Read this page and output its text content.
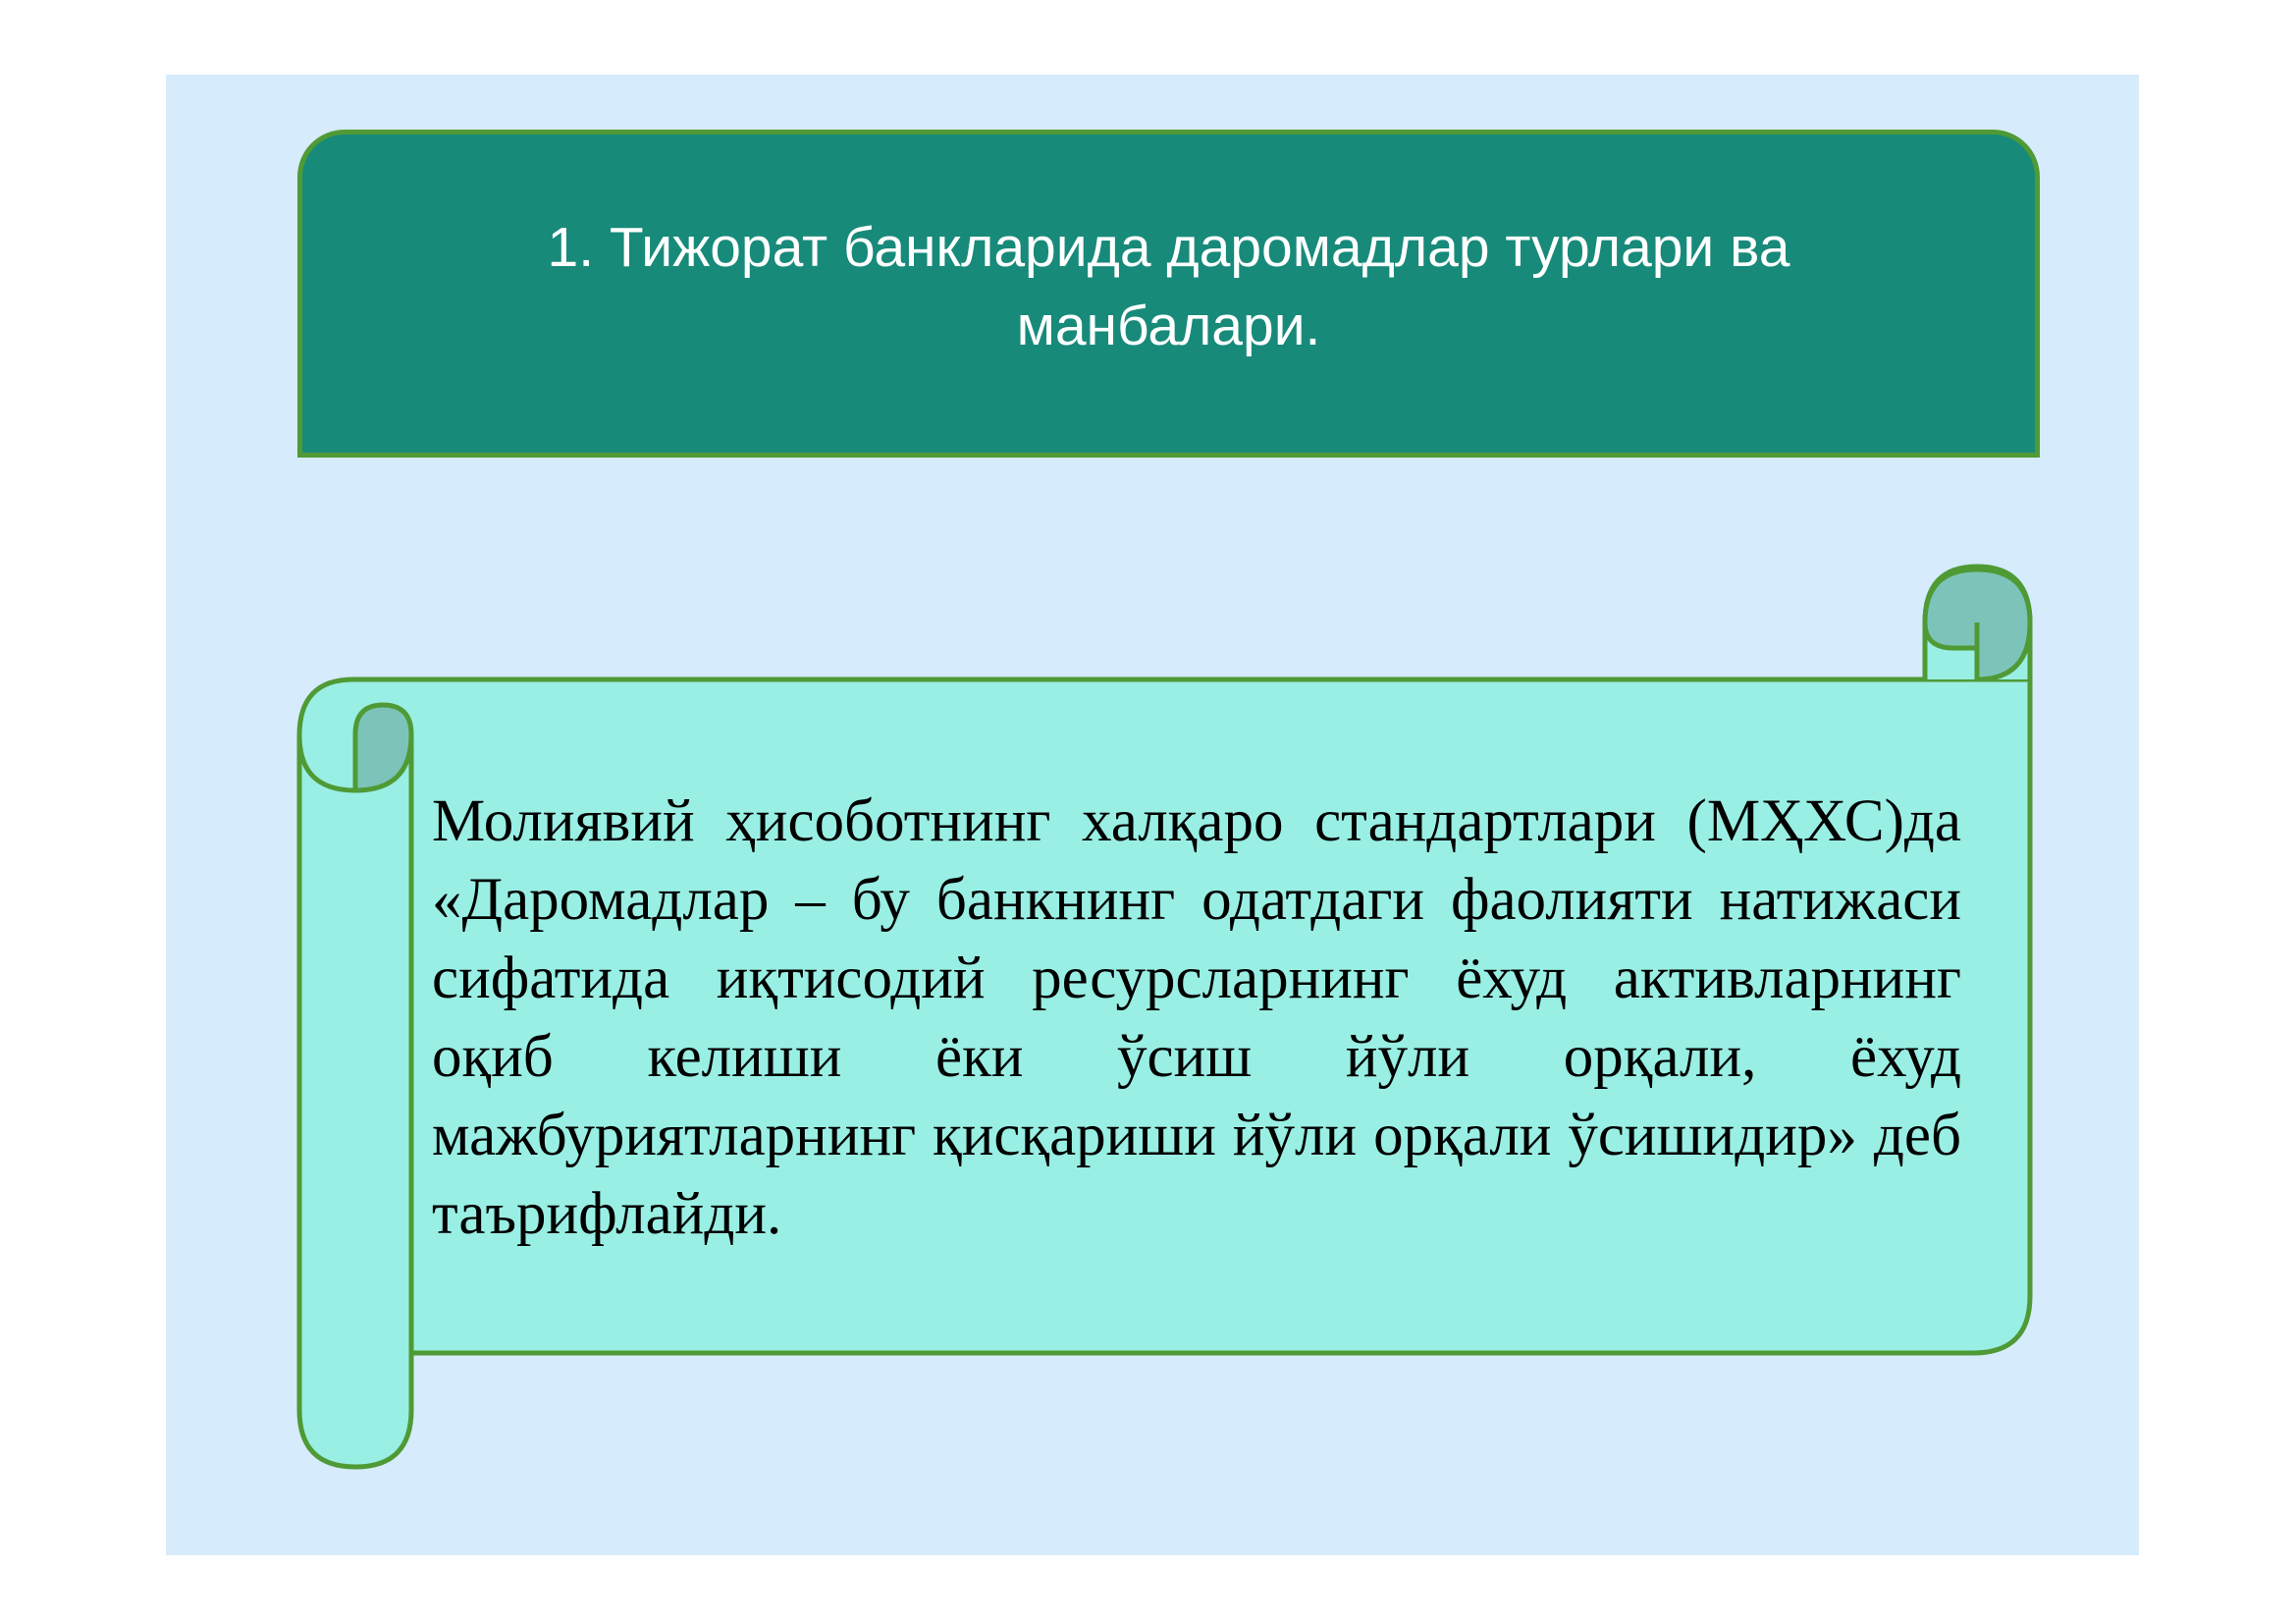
1. Тижорат банкларида даромадлар турлари ва манбалари.

Молиявий ҳисоботнинг халқаро стандартлари (МҲХС)да «Даромадлар – бу банкнинг одатдаги фаолияти натижаси сифатида иқтисодий ресурсларнинг ёхуд активларнинг оқиб келиши ёки ўсиш йўли орқали, ёхуд мажбуриятларнинг қисқариши йўли орқали ўсишидир» деб таърифлайди.
